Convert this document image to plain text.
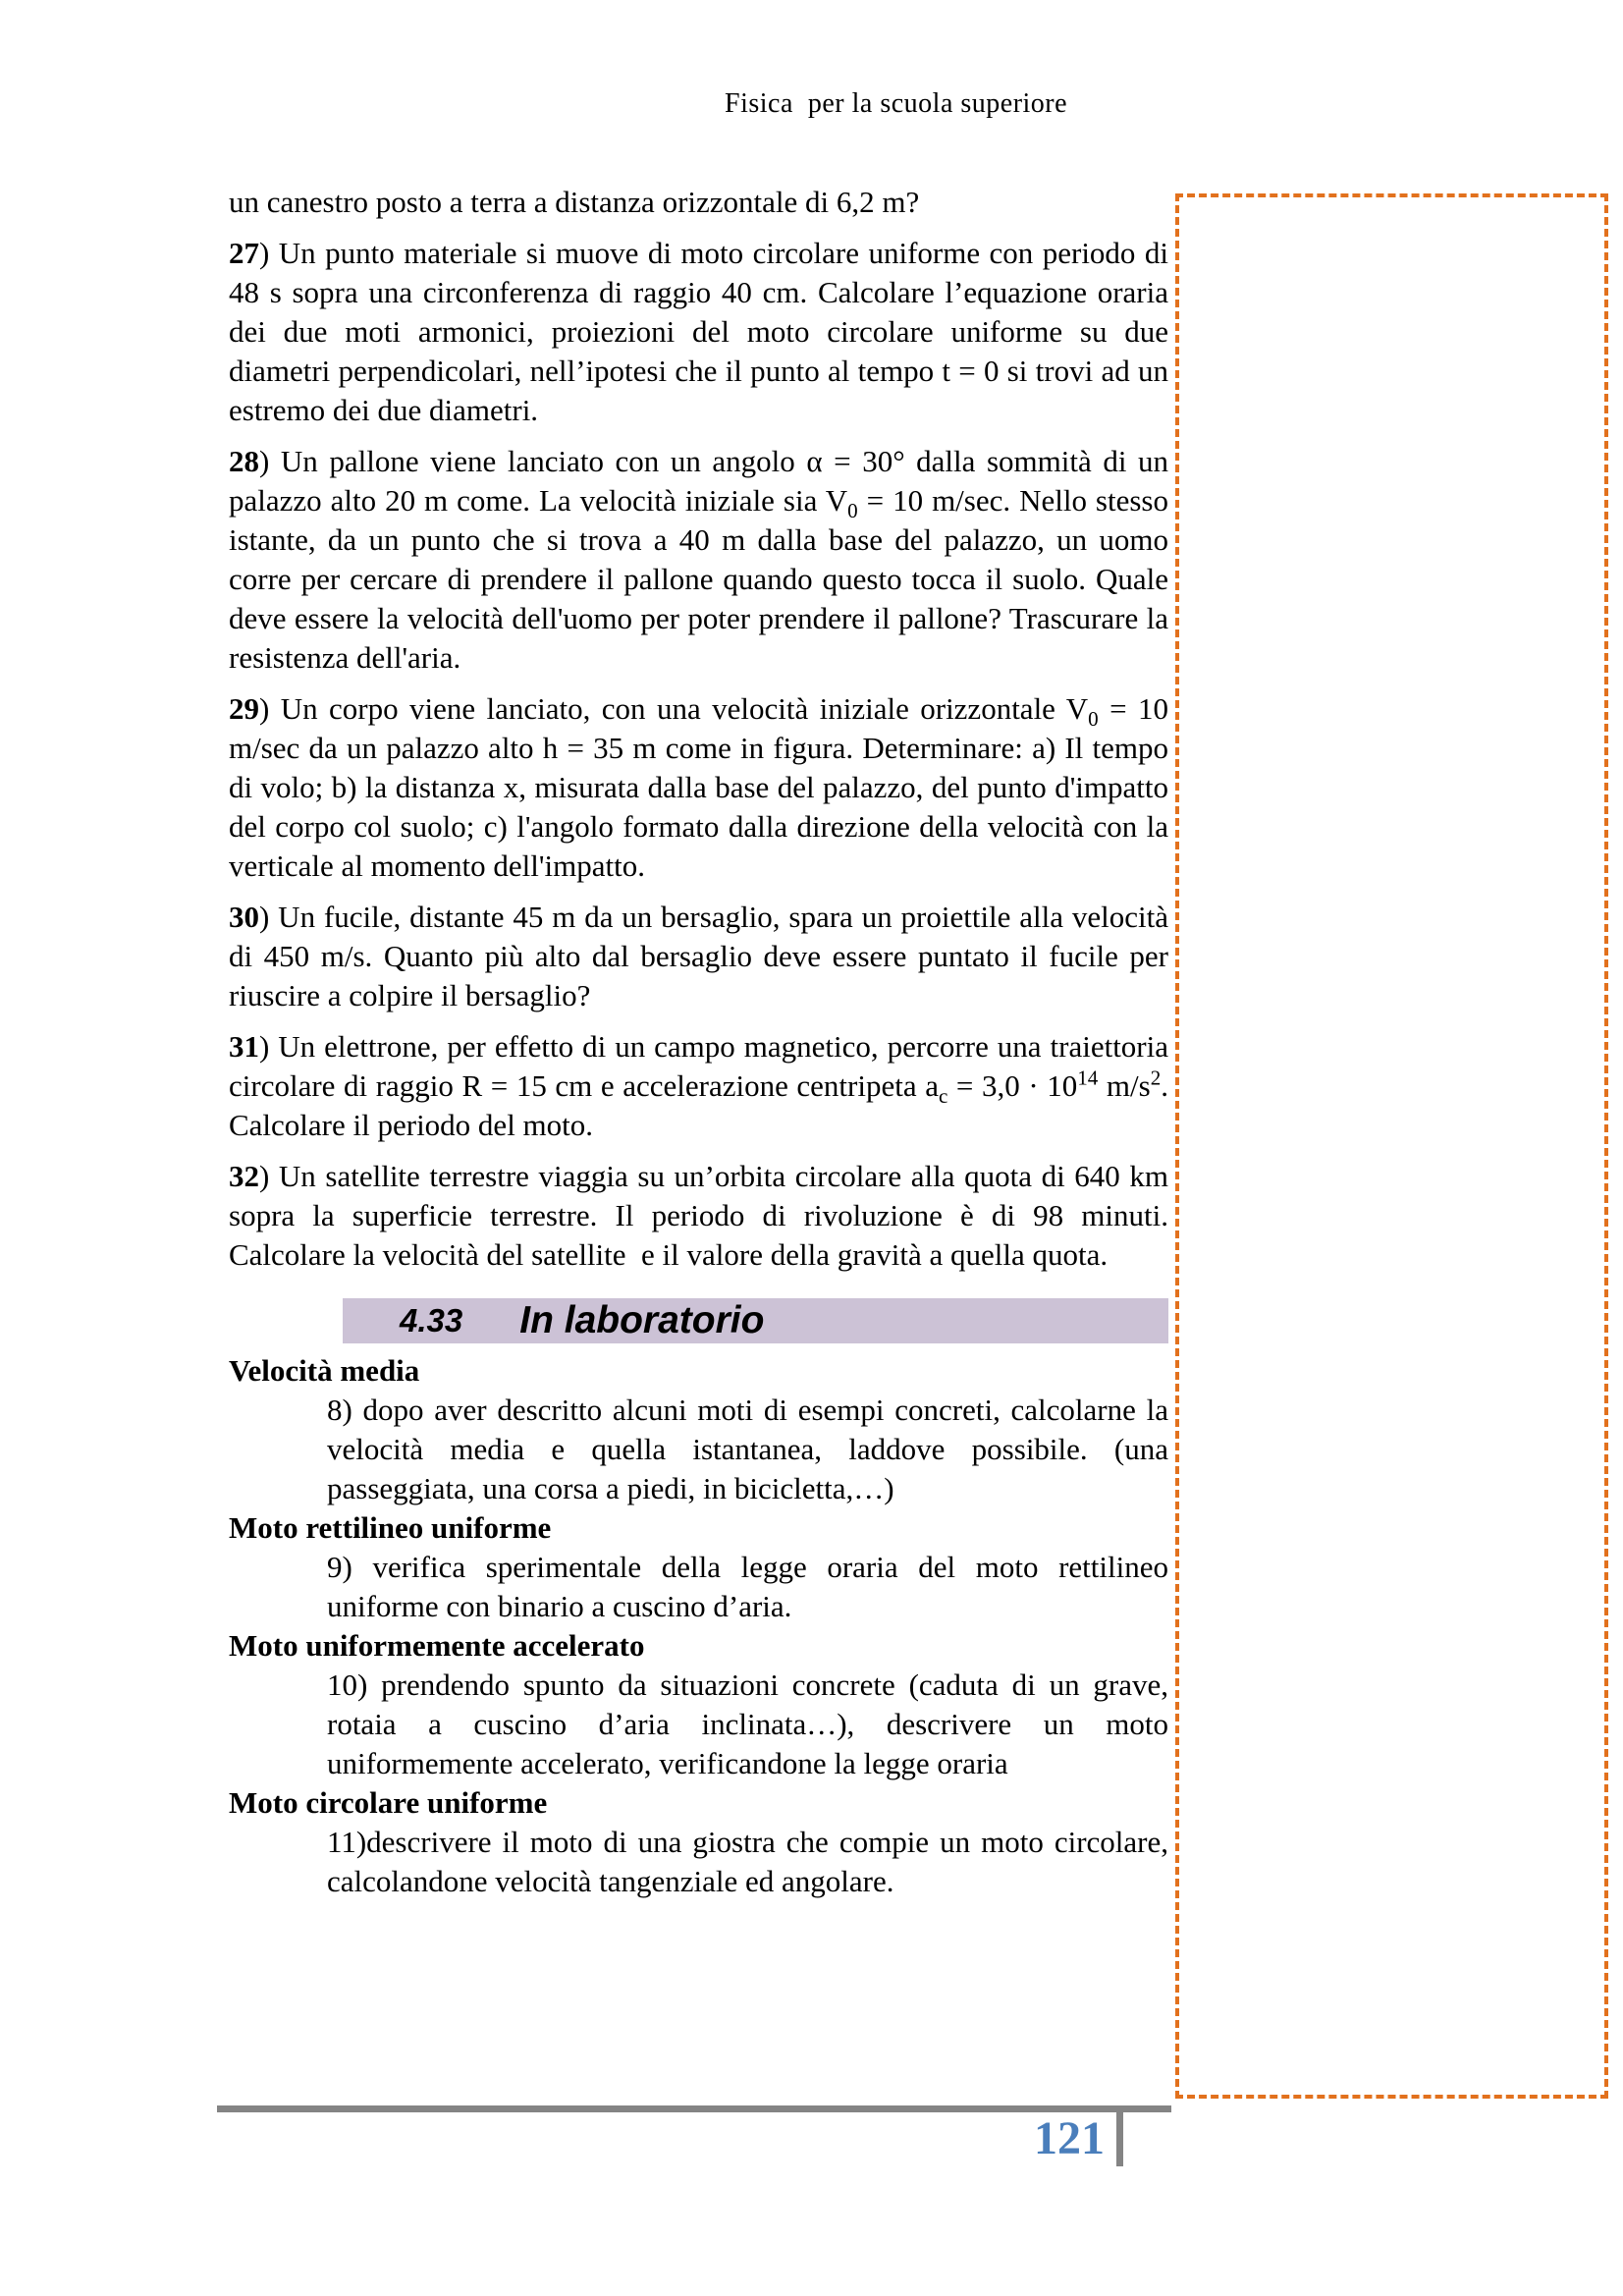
Fisica  per la scuola superiore

un canestro posto a terra a distanza orizzontale di 6,2 m?

27) Un punto materiale si muove di moto circolare uniforme con periodo di 48 s sopra una circonferenza di raggio 40 cm. Calcolare l’equazione oraria dei due moti armonici, proiezioni del moto circolare uniforme su due diametri perpendicolari, nell’ipotesi che il punto al tempo t = 0 si trovi ad un estremo dei due diametri.

28) Un pallone viene lanciato con un angolo α = 30° dalla sommità di un palazzo alto 20 m come. La velocità iniziale sia $V_0 = 10$ m/sec. Nello stesso istante, da un punto che si trova a 40 m dalla base del palazzo, un uomo corre per cercare di prendere il pallone quando questo tocca il suolo. Quale deve essere la velocità dell'uomo per poter prendere il pallone? Trascurare la resistenza dell'aria.

29) Un corpo viene lanciato, con una velocità iniziale orizzontale $V_0 = 10$ m/sec da un palazzo alto h = 35 m come in figura. Determinare: a) Il tempo di volo; b) la distanza x, misurata dalla base del palazzo, del punto d'impatto del corpo col suolo; c) l'angolo formato dalla direzione della velocità con la verticale al momento dell'impatto.

30) Un fucile, distante 45 m da un bersaglio, spara un proiettile alla velocità di 450 m/s. Quanto più alto dal bersaglio deve essere puntato il fucile per riuscire a colpire il bersaglio?

31) Un elettrone, per effetto di un campo magnetico, percorre una traiettoria circolare di raggio R = 15 cm e accelerazione centripeta $a_c = 3,0 \cdot 10^{14}$ $m/s^2$. Calcolare il periodo del moto.

32) Un satellite terrestre viaggia su un’orbita circolare alla quota di 640 km sopra la superficie terrestre. Il periodo di rivoluzione è di 98 minuti. Calcolare la velocità del satellite  e il valore della gravità a quella quota.

4.33 In laboratorio

Velocità media

8) dopo aver descritto alcuni moti di esempi concreti, calcolarne la velocità media e quella istantanea, laddove possibile. (una passeggiata, una corsa a piedi, in bicicletta,…)

Moto rettilineo uniforme

9) verifica sperimentale della legge oraria del moto rettilineo uniforme con binario a cuscino d’aria.

Moto uniformemente accelerato

10) prendendo spunto da situazioni concrete (caduta di un grave, rotaia a cuscino d’aria inclinata…), descrivere un moto uniformemente accelerato, verificandone la legge oraria

Moto circolare uniforme

11)descrivere il moto di una giostra che compie un moto circolare, calcolandone velocità tangenziale ed angolare.

121
